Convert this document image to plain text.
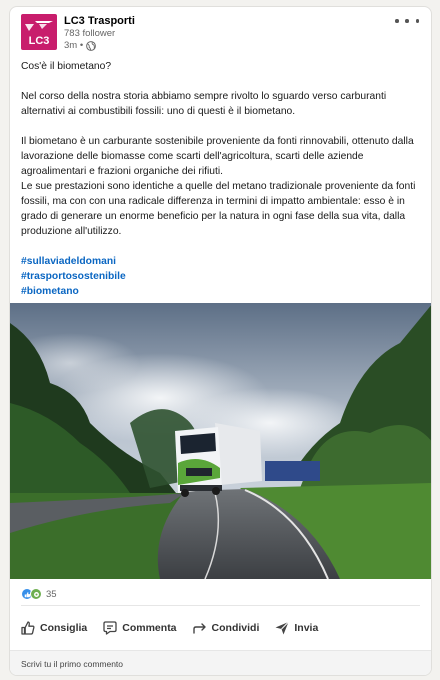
LC3
LC3 Trasporti
783 follower
3m •

Cos'è il biometano?

Nel corso della nostra storia abbiamo sempre rivolto lo sguardo verso carburanti alternativi ai combustibili fossili: uno di questi è il biometano.

Il biometano è un carburante sostenibile proveniente da fonti rinnovabili, ottenuto dalla lavorazione delle biomasse come scarti dell'agricoltura, scarti delle aziende agroalimentari e frazioni organiche dei rifiuti.

Le sue prestazioni sono identiche a quelle del metano tradizionale proveniente da fonti fossili, ma con con una radicale differenza in termini di impatto ambientale: esso è in grado di generare un enorme beneficio per la natura in ogni fase della sua vita, dalla produzione all'utilizzo.

#sullaviadeldomani
#trasportosostenibile
#biometano
35
Consiglia	Commenta	Condividi	Invia
Scrivi tu il primo commento
